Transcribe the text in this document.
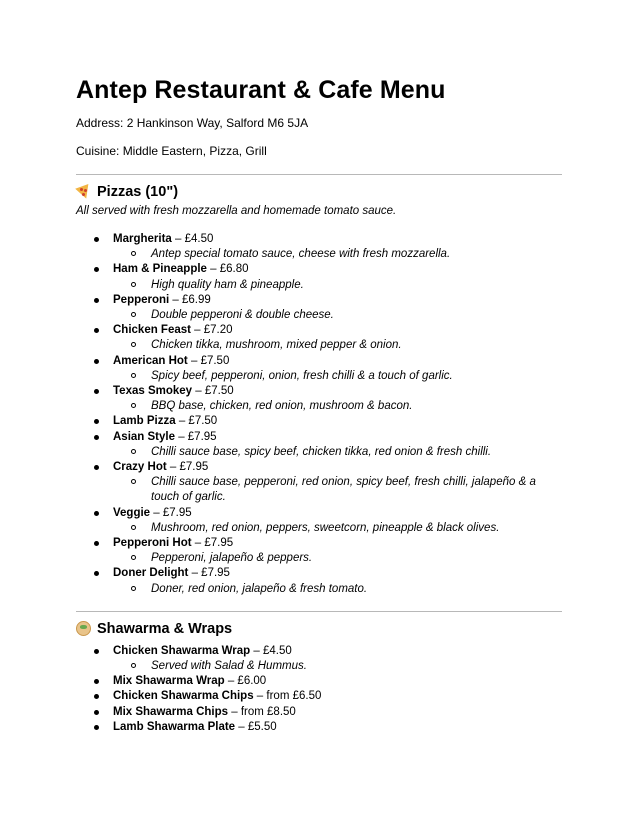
Antep Restaurant & Cafe Menu

Address: 2 Hankinson Way, Salford M6 5JA

Cuisine: Middle Eastern, Pizza, Grill

Pizzas (10")

All served with fresh mozzarella and homemade tomato sauce.

Margherita – £4.50
Antep special tomato sauce, cheese with fresh mozzarella.
Ham & Pineapple – £6.80
High quality ham & pineapple.
Pepperoni – £6.99
Double pepperoni & double cheese.
Chicken Feast – £7.20
Chicken tikka, mushroom, mixed pepper & onion.
American Hot – £7.50
Spicy beef, pepperoni, onion, fresh chilli & a touch of garlic.
Texas Smokey – £7.50
BBQ base, chicken, red onion, mushroom & bacon.
Lamb Pizza – £7.50
Asian Style – £7.95
Chilli sauce base, spicy beef, chicken tikka, red onion & fresh chilli.
Crazy Hot – £7.95
Chilli sauce base, pepperoni, red onion, spicy beef, fresh chilli, jalapeño & a touch of garlic.
Veggie – £7.95
Mushroom, red onion, peppers, sweetcorn, pineapple & black olives.
Pepperoni Hot – £7.95
Pepperoni, jalapeño & peppers.
Doner Delight – £7.95
Doner, red onion, jalapeño & fresh tomato.
Shawarma & Wraps
Chicken Shawarma Wrap – £4.50
Served with Salad & Hummus.
Mix Shawarma Wrap – £6.00
Chicken Shawarma Chips – from £6.50
Mix Shawarma Chips – from £8.50
Lamb Shawarma Plate – £5.50
